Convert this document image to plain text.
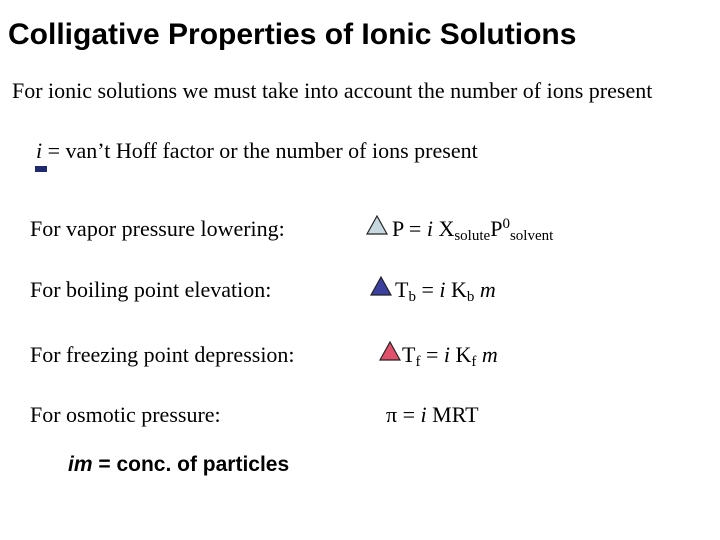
Colligative Properties of Ionic Solutions
For ionic solutions we must take into account the number of ions present
i = van’t Hoff factor or the number of ions present
For vapor pressure lowering:	P = i $X_{solute}P^0_{solvent}$
For boiling point elevation:	$T_b = i$ $K_b$ m
For freezing point depression:	$T_f = i$ $K_f$ m
For osmotic pressure:	π = i MRT
im = conc. of particles
